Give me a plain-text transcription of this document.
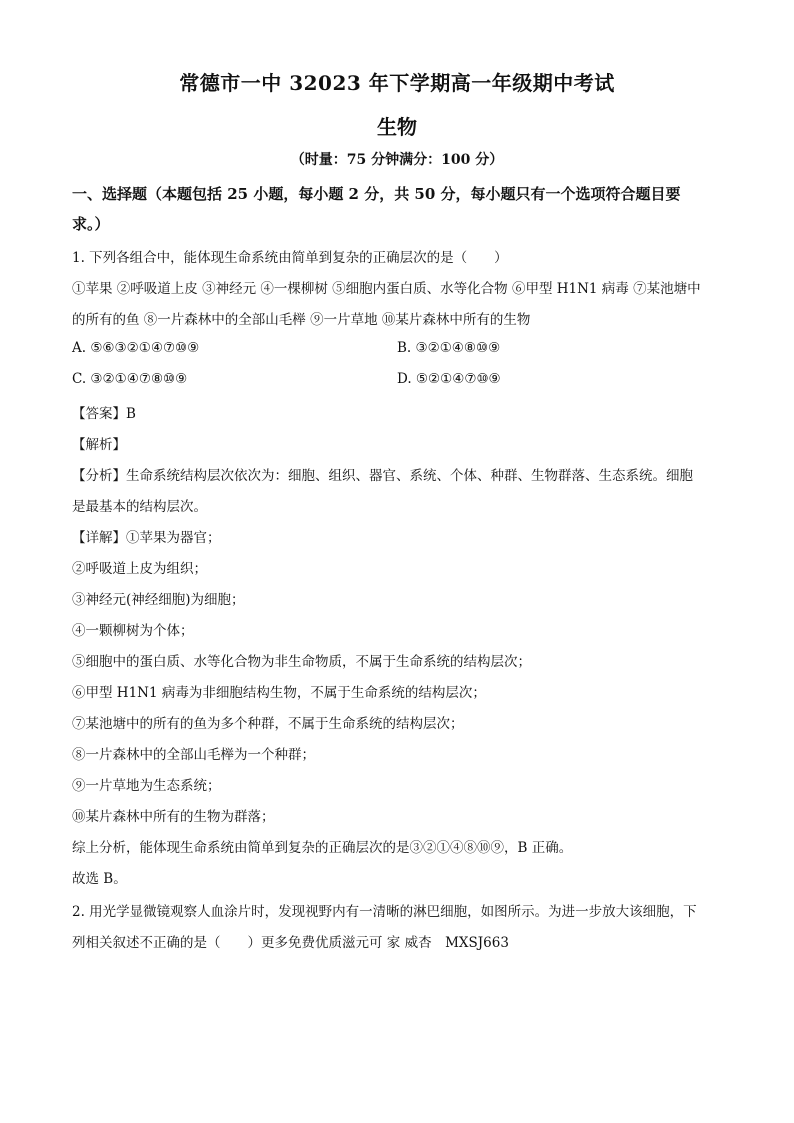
常德市一中 32023 年下学期高一年级期中考试
生物
（时量：75 分钟满分：100 分）
一、选择题（本题包括 25 小题，每小题 2 分，共 50 分，每小题只有一个选项符合题目要
求。）
1. 下列各组合中，能体现生命系统由简单到复杂的正确层次的是（　　）
①苹果 ②呼吸道上皮 ③神经元 ④一棵柳树 ⑤细胞内蛋白质、水等化合物 ⑥甲型 H1N1 病毒 ⑦某池塘中
的所有的鱼 ⑧一片森林中的全部山毛榉 ⑨一片草地 ⑩某片森林中所有的生物
A. ⑤⑥③②①④⑦⑩⑨	B. ③②①④⑧⑩⑨
C. ③②①④⑦⑧⑩⑨	D. ⑤②①④⑦⑩⑨
【答案】B
【解析】
【分析】生命系统结构层次依次为：细胞、组织、器官、系统、个体、种群、生物群落、生态系统。细胞
是最基本的结构层次。
【详解】①苹果为器官；
②呼吸道上皮为组织；
③神经元(神经细胞)为细胞；
④一颗柳树为个体；
⑤细胞中的蛋白质、水等化合物为非生命物质，不属于生命系统的结构层次；
⑥甲型 H1N1 病毒为非细胞结构生物，不属于生命系统的结构层次；
⑦某池塘中的所有的鱼为多个种群，不属于生命系统的结构层次；
⑧一片森林中的全部山毛榉为一个种群；
⑨一片草地为生态系统；
⑩某片森林中所有的生物为群落；
综上分析，能体现生命系统由简单到复杂的正确层次的是③②①④⑧⑩⑨，B 正确。
故选 B。
2. 用光学显微镜观察人血涂片时，发现视野内有一清晰的淋巴细胞，如图所示。为进一步放大该细胞，下
列相关叙述不正确的是（　　）更多免费优质滋元可 家 威杏　MXSJ663
